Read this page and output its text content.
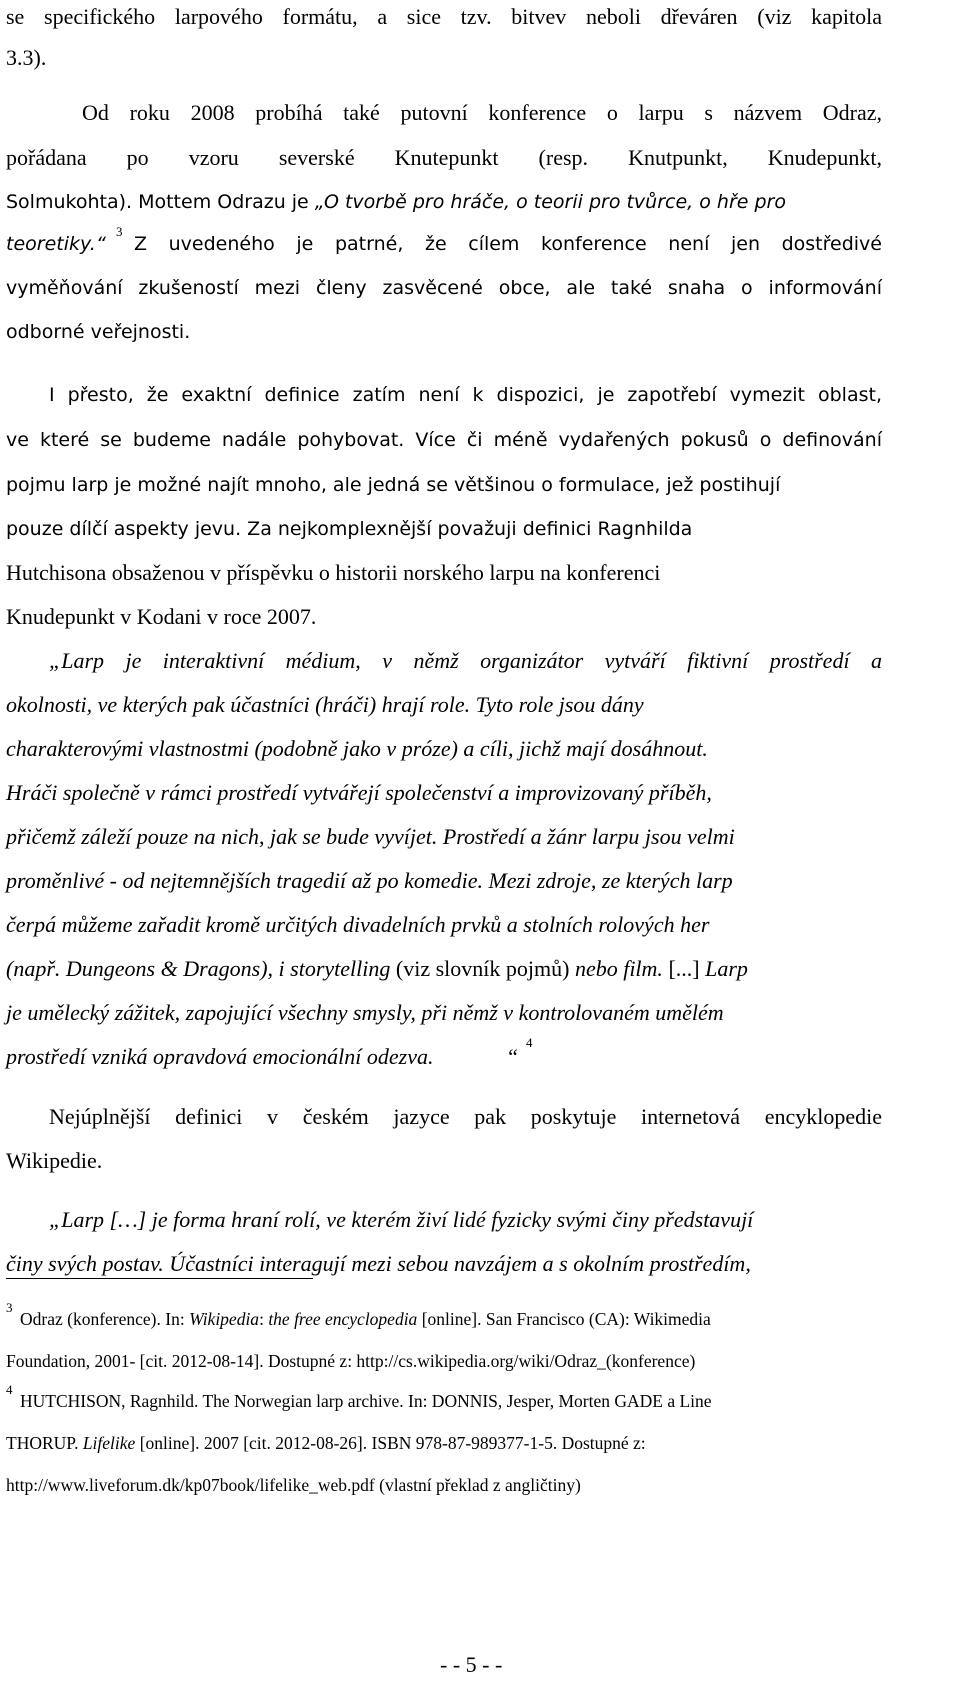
se specifického larpového formátu, a sice tzv. bitvev neboli dřeváren (viz kapitola
3.3).
Od roku 2008 probíhá také putovní konference o larpu s názvem Odraz,
pořádana po vzoru severské Knutepunkt (resp. Knutpunkt, Knudepunkt,
Solmukohta). Mottem Odrazu je „O tvorbě pro hráče, o teorii pro tvůrce, o hře pro
teoretiky. “
3
Z uvedeného je patrné, že cílem konference není jen dostředivé
vyměňování zkušeností mezi členy zasvěcené obce, ale také snaha o informování
odborné veřejnosti.
I přesto, že exaktní definice zatím není k dispozici, je zapotřebí vymezit oblast,
ve které se budeme nadále pohybovat. Více či méně vydařených pokusů o definování
pojmu larp je možné najít mnoho, ale jedná se většinou o formulace, jež postihují
pouze dílčí aspekty jevu. Za nejkomplexnější považuji definici Ragnhilda
Hutchisona obsaženou v příspěvku o historii norského larpu na konferenci
Knudepunkt v Kodani v roce 2007.
„Larp je interaktivní médium, v němž organizátor vytváří fiktivní prostředí a
okolnosti, ve kterých pak účastníci (hráči) hrají role. Tyto role jsou dány
charakterovými vlastnostmi (podobně jako v próze) a cíli, jichž mají dosáhnout.
Hráči společně v rámci prostředí vytvářejí společenství a improvizovaný příběh,
přičemž záleží pouze na nich, jak se bude vyvíjet. Prostředí a žánr larpu jsou velmi
proměnlivé - od nejtemnějších tragedií až po komedie. Mezi zdroje, ze kterých larp
čerpá můžeme zařadit kromě určitých divadelních prvků a stolních rolových her
(např. Dungeons & Dragons), i storytelling (viz slovník pojmů) nebo film. [...] Larp
je umělecký zážitek, zapojující všechny smysly, při němž v kontrolovaném umělém
prostředí vzniká opravdová emocionální odezva.	“
4
Nejúplnější definici v českém jazyce pak poskytuje internetová encyklopedie
Wikipedie.
„Larp […] je forma hraní rolí, ve kterém živí lidé fyzicky svými činy představují
činy svých postav. Účastníci interagují mezi sebou navzájem a s okolním prostředím,
3
Odraz (konference). In: Wikipedia: the free encyclopedia [online]. San Francisco (CA): Wikimedia
Foundation, 2001- [cit. 2012-08-14]. Dostupné z: http://cs.wikipedia.org/wiki/Odraz_(konference)
4
HUTCHISON, Ragnhild. The Norwegian larp archive. In: DONNIS, Jesper, Morten GADE a Line
THORUP. Lifelike [online]. 2007 [cit. 2012-08-26]. ISBN 978-87-989377-1-5. Dostupné z:
http://www.liveforum.dk/kp07book/lifelike_web.pdf (vlastní překlad z angličtiny)
- - 5 - -
